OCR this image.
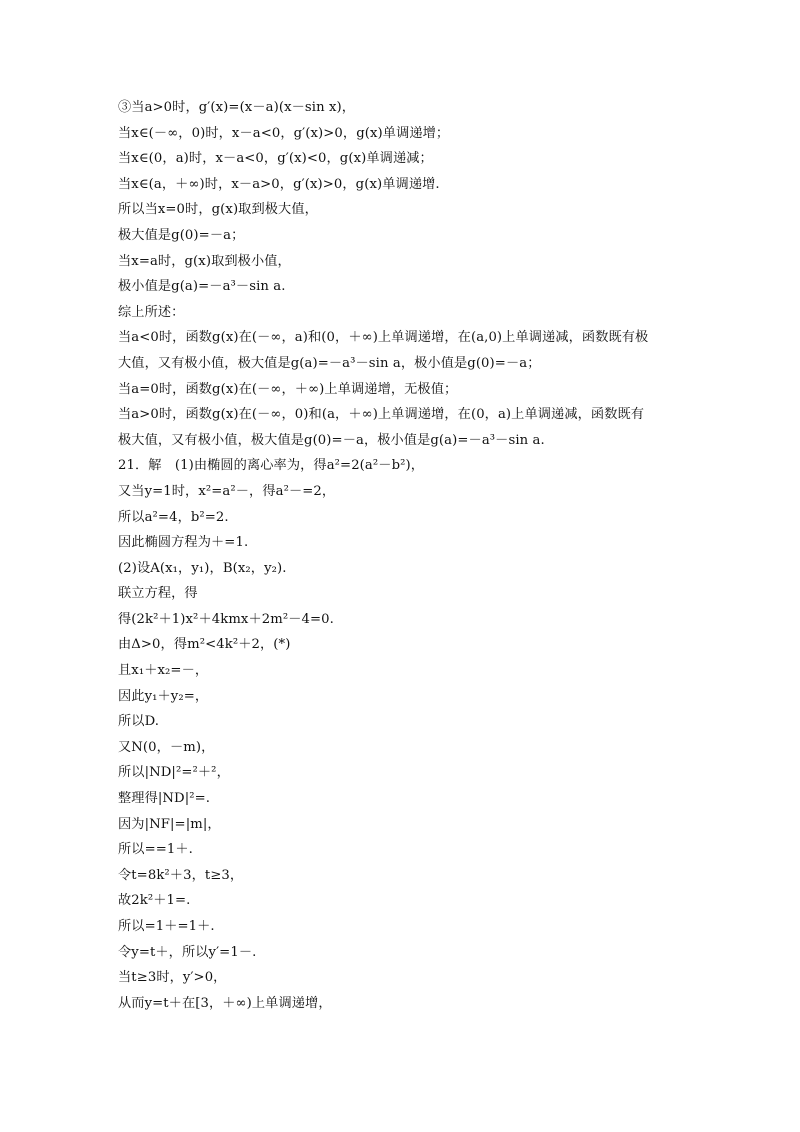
③当a>0时，g′(x)=(x－a)(x－sin x)，
当x∈(－∞，0)时，x－a<0，g′(x)>0，g(x)单调递增；
当x∈(0，a)时，x－a<0，g′(x)<0，g(x)单调递减；
当x∈(a，＋∞)时，x－a>0，g′(x)>0，g(x)单调递增.
所以当x=0时，g(x)取到极大值，
极大值是g(0)=－a；
当x=a时，g(x)取到极小值，
极小值是g(a)=－a³－sin a.
综上所述：
当a<0时，函数g(x)在(－∞，a)和(0，＋∞)上单调递增，在(a,0)上单调递减，函数既有极
大值，又有极小值，极大值是g(a)=－a³－sin a，极小值是g(0)=－a；
当a=0时，函数g(x)在(－∞，＋∞)上单调递增，无极值；
当a>0时，函数g(x)在(－∞，0)和(a，＋∞)上单调递增，在(0，a)上单调递减，函数既有
极大值，又有极小值，极大值是g(0)=－a，极小值是g(a)=－a³－sin a.
21．解　(1)由椭圆的离心率为，得a²=2(a²－b²)，
又当y=1时，x²=a²－，得a²－=2，
所以a²=4，b²=2.
因此椭圆方程为＋=1.
(2)设A(x₁，y₁)，B(x₂，y₂).
联立方程，得
得(2k²＋1)x²＋4kmx＋2m²－4=0.
由Δ>0，得m²<4k²＋2，(*)
且x₁＋x₂=－，
因此y₁＋y₂=，
所以D.
又N(0，－m)，
所以|ND|²=²＋²，
整理得|ND|²=.
因为|NF|=|m|，
所以==1＋.
令t=8k²＋3，t≥3，
故2k²＋1=.
所以=1＋=1＋.
令y=t＋，所以y′=1－.
当t≥3时，y′>0，
从而y=t＋在[3，＋∞)上单调递增，
